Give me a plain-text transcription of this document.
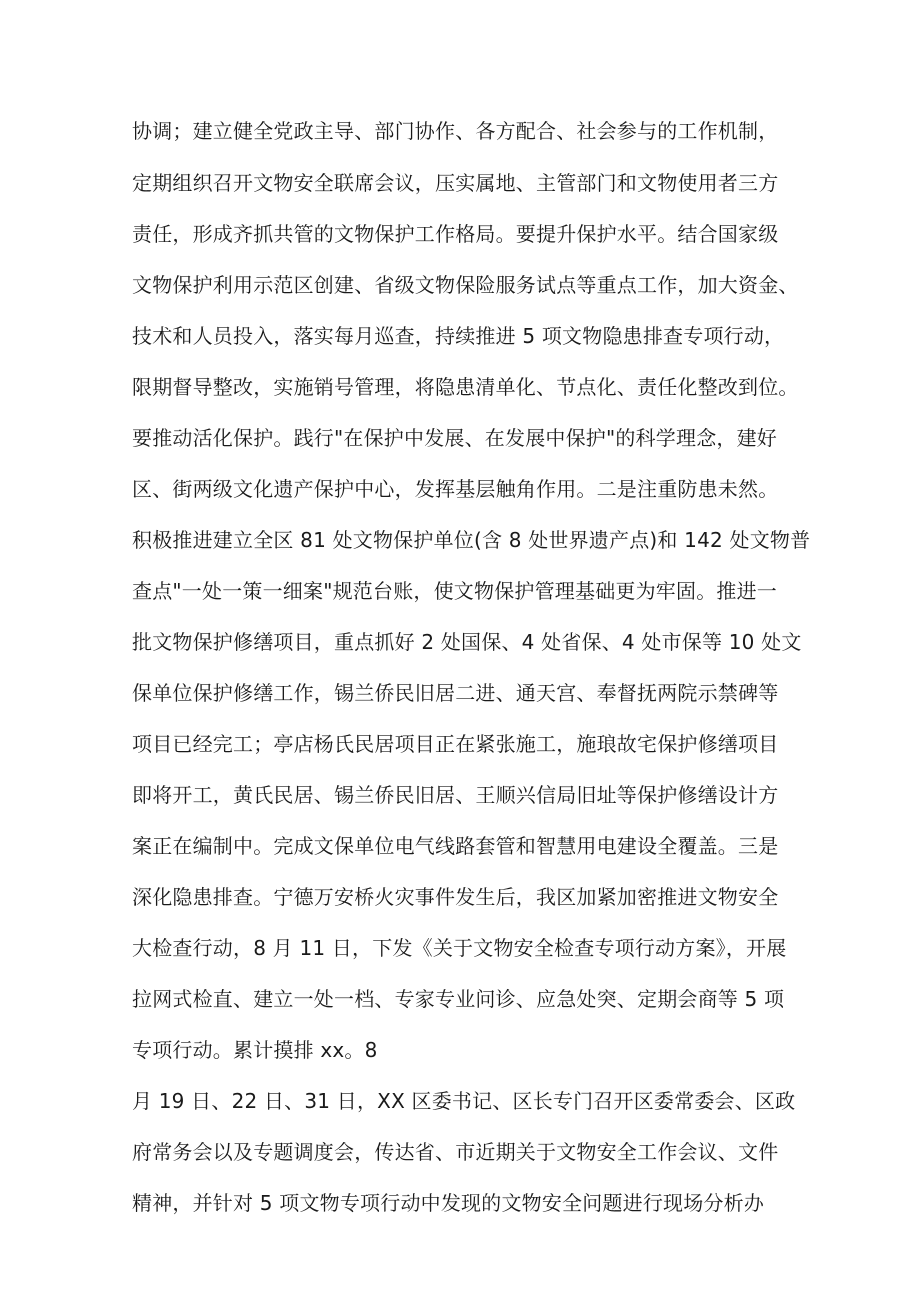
协调；建立健全党政主导、部门协作、各方配合、社会参与的工作机制，
定期组织召开文物安全联席会议，压实属地、主管部门和文物使用者三方
责任，形成齐抓共管的文物保护工作格局。要提升保护水平。结合国家级
文物保护利用示范区创建、省级文物保险服务试点等重点工作，加大资金、
技术和人员投入，落实每月巡查，持续推进 5 项文物隐患排查专项行动，
限期督导整改，实施销号管理，将隐患清单化、节点化、责任化整改到位。
要推动活化保护。践行"在保护中发展、在发展中保护"的科学理念，建好
区、街两级文化遗产保护中心，发挥基层触角作用。二是注重防患未然。
积极推进建立全区 81 处文物保护单位(含 8 处世界遗产点)和 142 处文物普
查点"一处一策一细案"规范台账，使文物保护管理基础更为牢固。推进一
批文物保护修缮项目，重点抓好 2 处国保、4 处省保、4 处市保等 10 处文
保单位保护修缮工作，锡兰侨民旧居二进、通天宫、奉督抚两院示禁碑等
项目已经完工；亭店杨氏民居项目正在紧张施工，施琅故宅保护修缮项目
即将开工，黄氏民居、锡兰侨民旧居、王顺兴信局旧址等保护修缮设计方
案正在编制中。完成文保单位电气线路套管和智慧用电建设全覆盖。三是
深化隐患排查。宁德万安桥火灾事件发生后，我区加紧加密推进文物安全
大检查行动，8 月 11 日，下发《关于文物安全检查专项行动方案》，开展
拉网式检直、建立一处一档、专家专业问诊、应急处突、定期会商等 5 项
专项行动。累计摸排 xx。8
月 19 日、22 日、31 日，XX 区委书记、区长专门召开区委常委会、区政
府常务会以及专题调度会，传达省、市近期关于文物安全工作会议、文件
精神，并针对 5 项文物专项行动中发现的文物安全问题进行现场分析办
